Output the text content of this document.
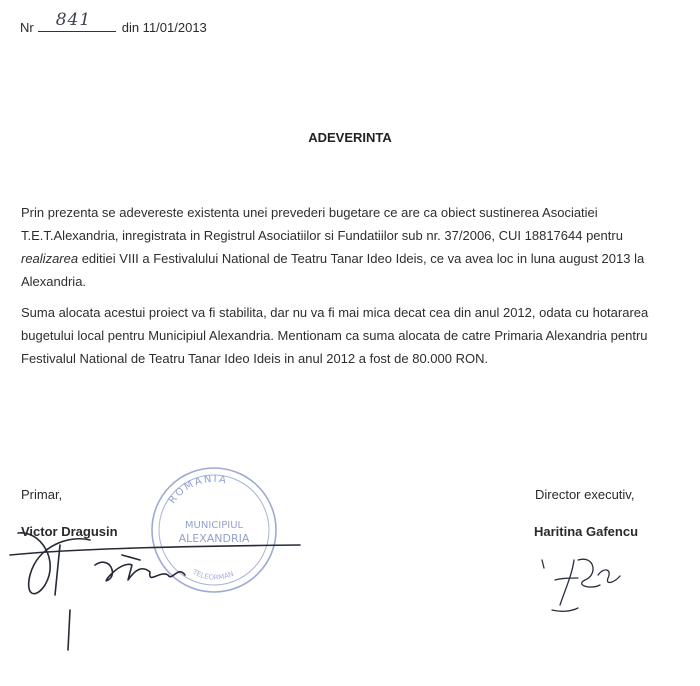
Nr 841 din 11/01/2013
ADEVERINTA
Prin prezenta se adevereste existenta unei prevederi bugetare ce are ca obiect sustinerea Asociatiei T.E.T.Alexandria, inregistrata in Registrul Asociatiilor si Fundatiilor sub nr. 37/2006, CUI 18817644 pentru realizarea editiei VIII a Festivalului National de Teatru Tanar Ideo Ideis, ce va avea loc in luna august 2013 la Alexandria.
Suma alocata acestui proiect va fi stabilita, dar nu va fi mai mica decat cea din anul 2012, odata cu hotararea bugetului local pentru Municipiul Alexandria. Mentionam ca suma alocata de catre Primaria Alexandria pentru Festivalul National de Teatru Tanar Ideo Ideis in anul 2012 a fost de 80.000 RON.
Primar,	Director executiv,
Victor Dragusin	Haritina Gafencu
ROMANIA
MUNICIPIUL
ALEXANDRIA
TELEORMAN
